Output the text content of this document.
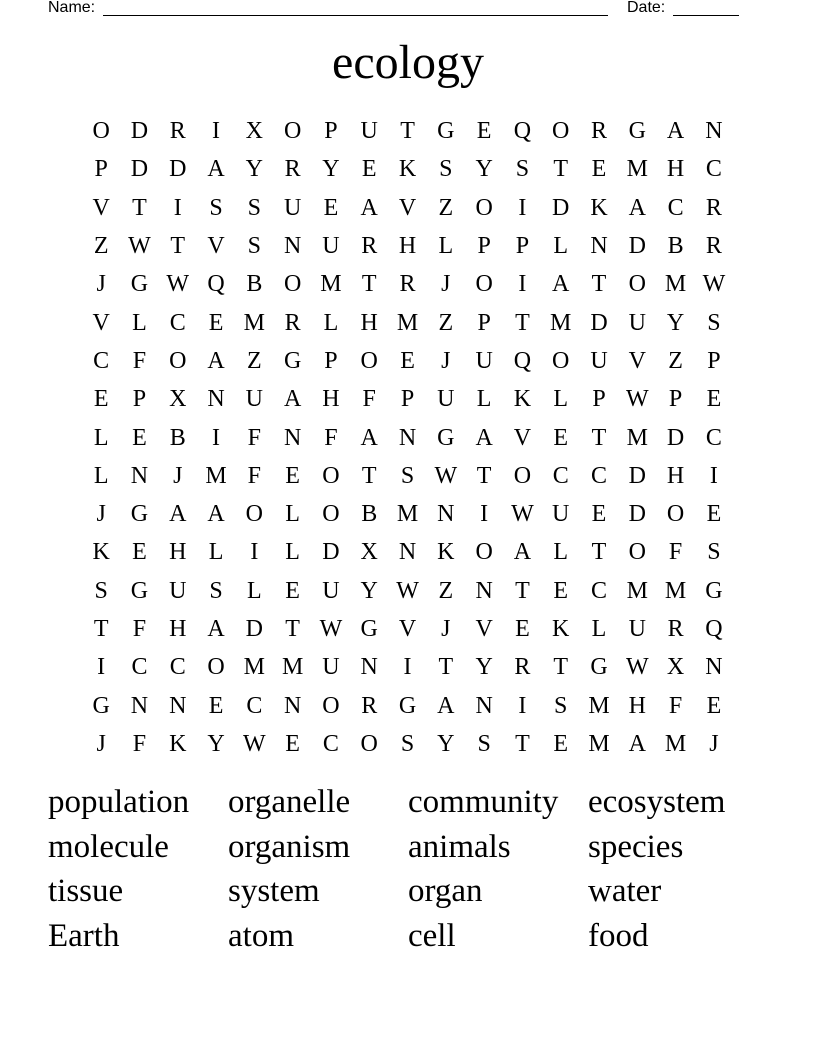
Name:	Date:
ecology
O D R	I	X O P U T G E Q O R G A N
P D D A Y R Y E K S Y S	T E M H C
V T	I	S	S U E A V Z O	I	D K A C R
Z W T V S N U R H L	P	P	L N D B R
J	G W Q B O M T R	J	O	I	A T O M W
V L C E M R L H M Z	P	T M D U Y S
C F O A Z G P O E	J	U Q O U V Z	P
E	P X N U A H F	P U L K L	P W P	E
L E B	I	F N F A N G A V E T M D C
L N	J M F	E O T	S W T O C C D H	I
J	G A A O L O B M N	I W U E D O E
K E H L	I	L D X N K O A L T O F	S
S G U S	L E U Y W Z N T E C M M G
T	F H A D T W G V	J	V E K L U R Q
I	C C O M M U N	I	T Y R T G W X N
G N N E C N O R G A N	I	S M H F	E
J	F K Y W E C O S Y S	T E M A M J
population	organelle	community ecosystem
molecule	organism	animals	species
tissue	system	organ	water
Earth	atom	cell	food
